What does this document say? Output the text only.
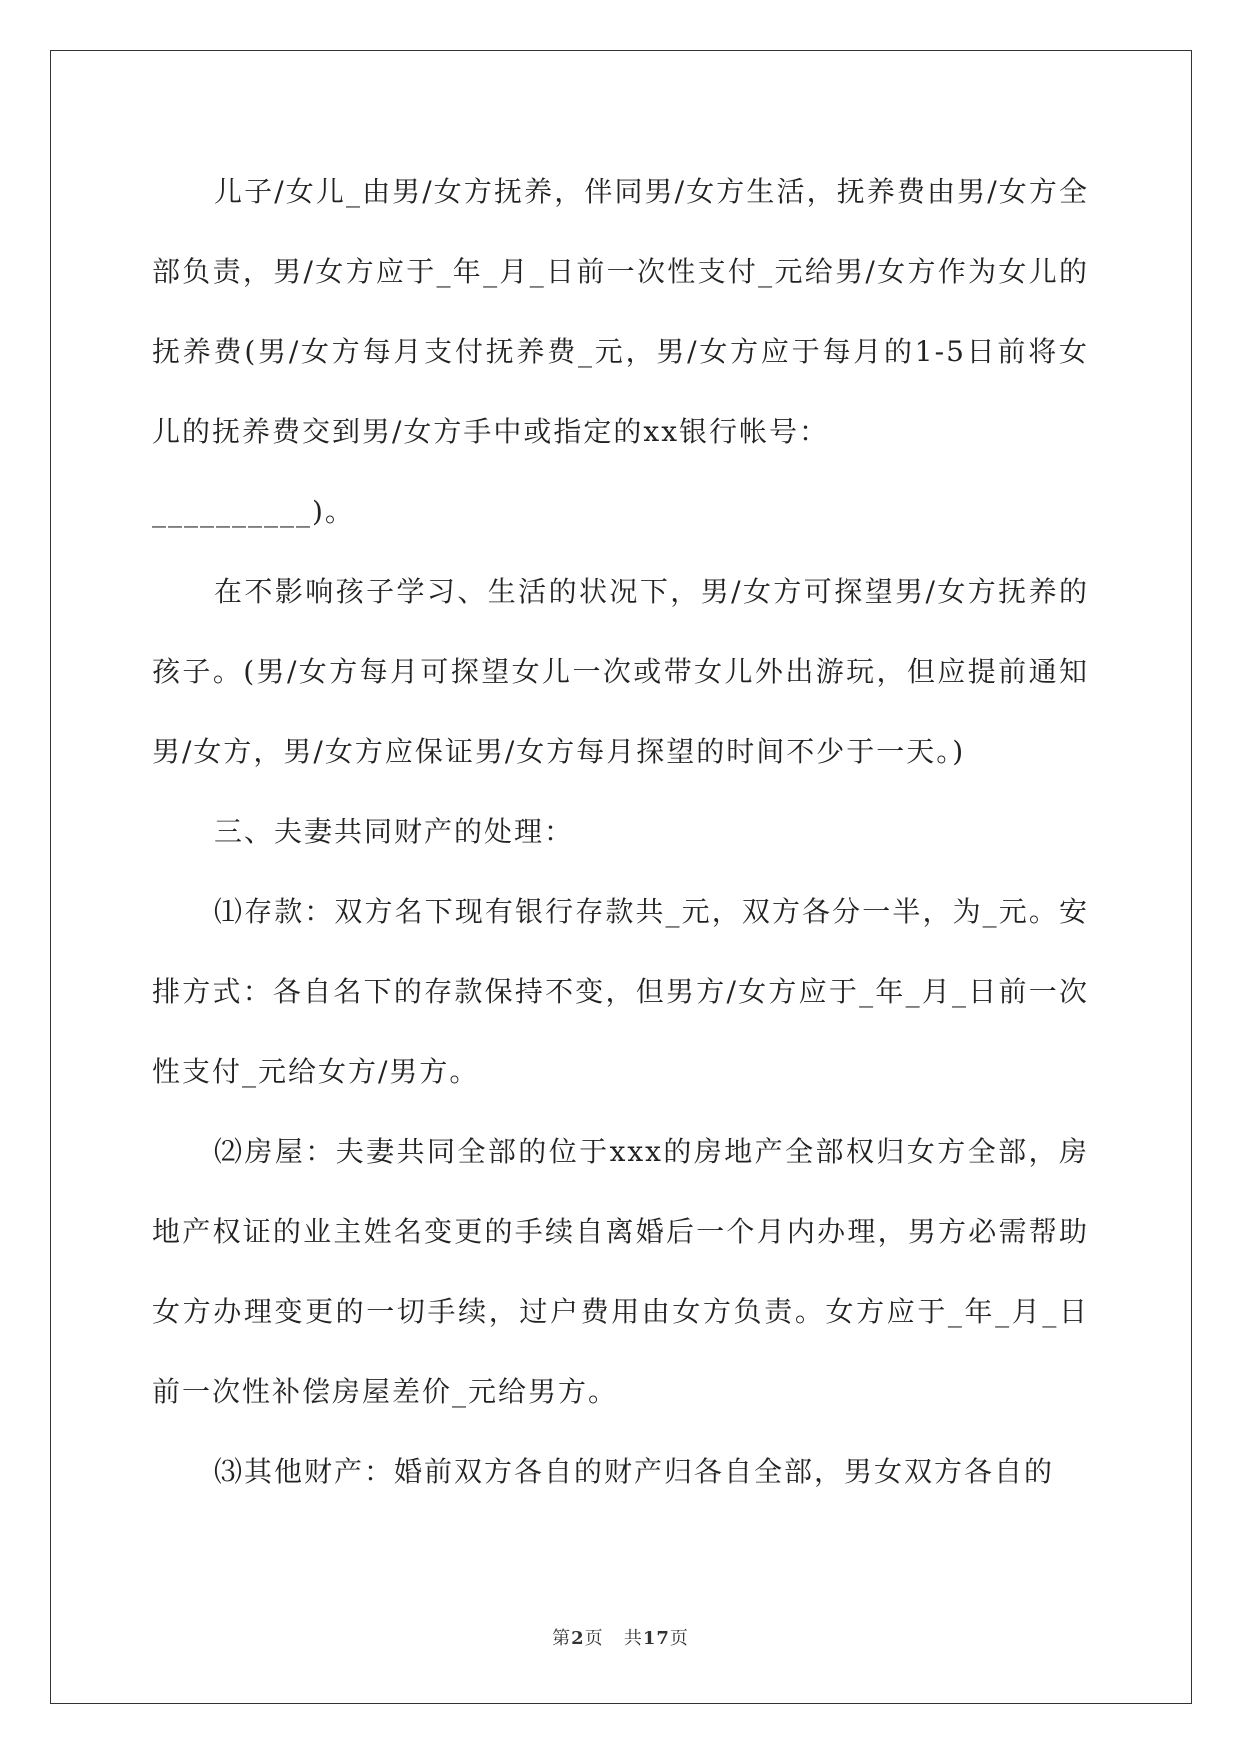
儿子/女儿_由男/女方抚养，伴同男/女方生活，抚养费由男/女方全部负责，男/女方应于_年_月_日前一次性支付_元给男/女方作为女儿的抚养费(男/女方每月支付抚养费_元，男/女方应于每月的1-5日前将女儿的抚养费交到男/女方手中或指定的xx银行帐号：

__________)。

在不影响孩子学习、生活的状况下，男/女方可探望男/女方抚养的孩子。(男/女方每月可探望女儿一次或带女儿外出游玩，但应提前通知男/女方，男/女方应保证男/女方每月探望的时间不少于一天。)

三、夫妻共同财产的处理：

⑴存款：双方名下现有银行存款共_元，双方各分一半，为_元。安排方式：各自名下的存款保持不变，但男方/女方应于_年_月_日前一次性支付_元给女方/男方。

⑵房屋：夫妻共同全部的位于xxx的房地产全部权归女方全部，房地产权证的业主姓名变更的手续自离婚后一个月内办理，男方必需帮助女方办理变更的一切手续，过户费用由女方负责。女方应于_年_月_日前一次性补偿房屋差价_元给男方。

⑶其他财产：婚前双方各自的财产归各自全部，男女双方各自的

第2页 共17页
